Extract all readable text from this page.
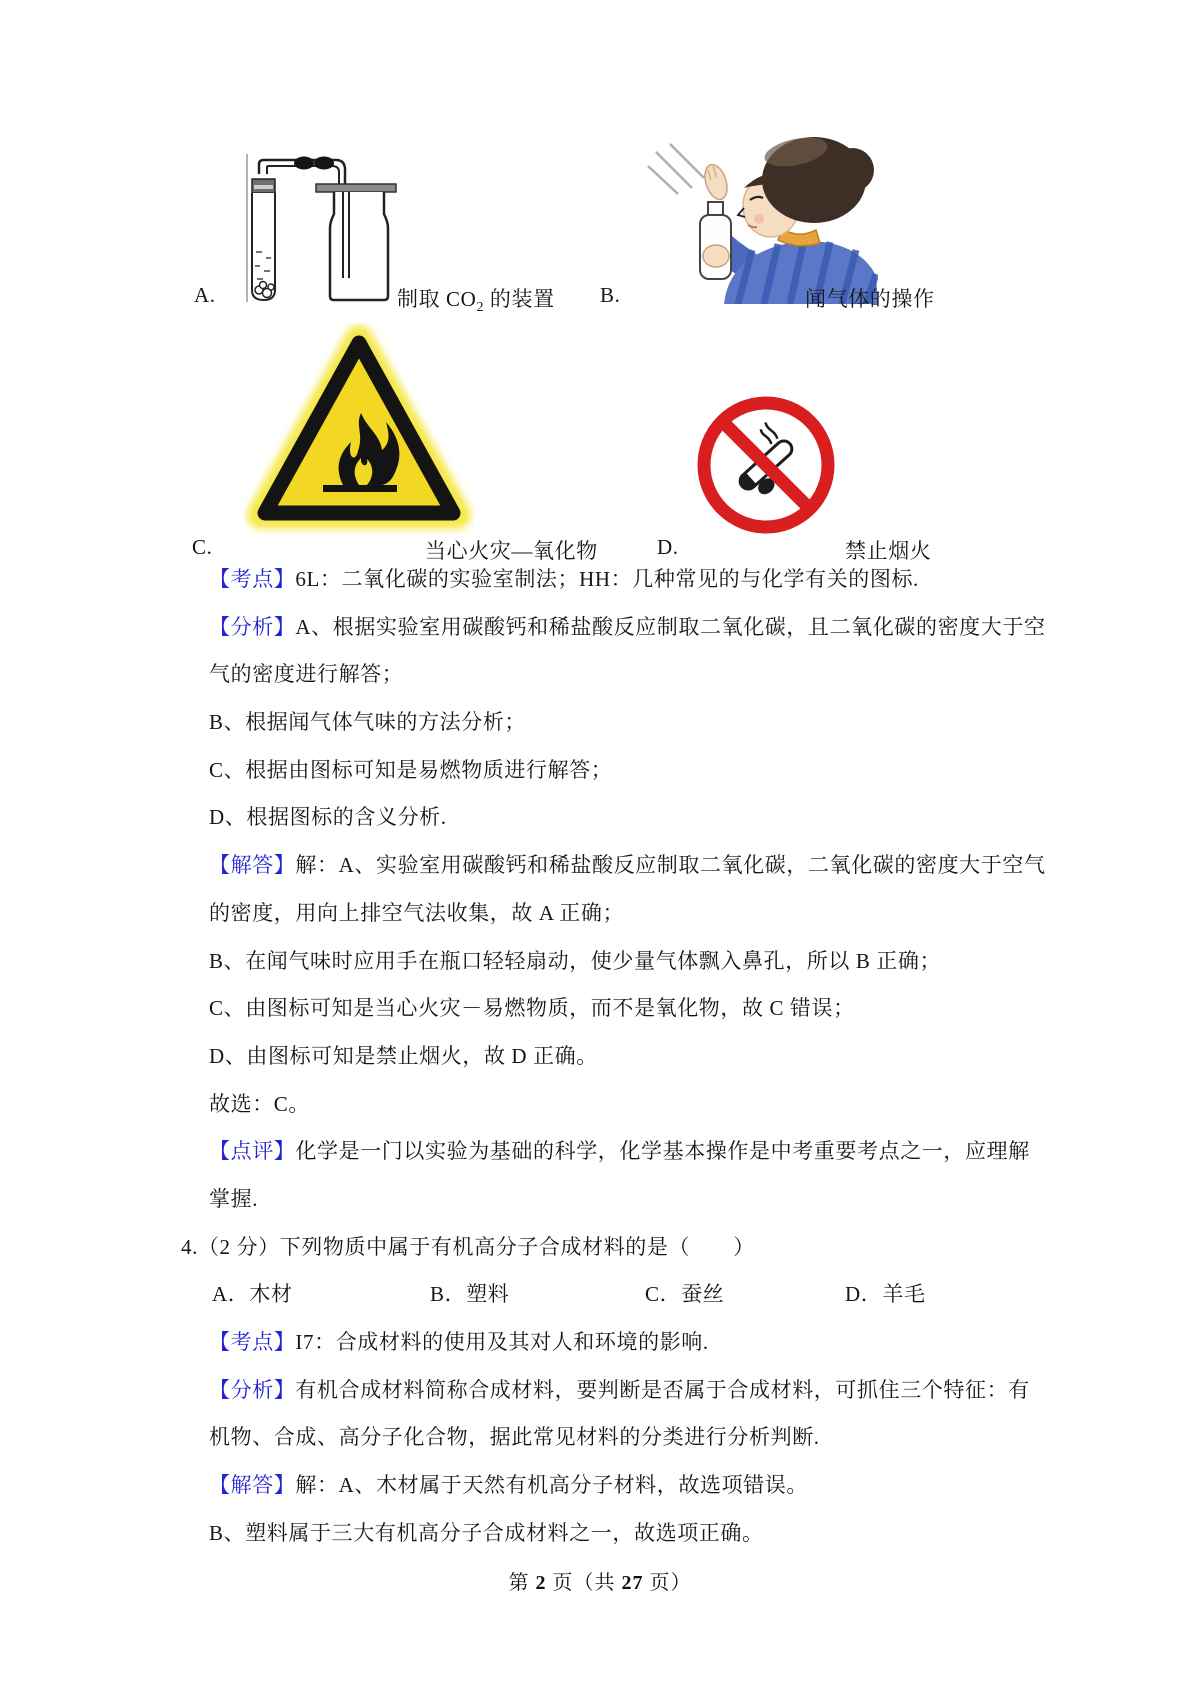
A.	制取 $CO_2$ 的装置 B.	闻气体的操作
C.	当心火灾—氧化物	D.	禁止烟火
【考点】6L：二氧化碳的实验室制法；HH：几种常见的与化学有关的图标.
【分析】A、根据实验室用碳酸钙和稀盐酸反应制取二氧化碳，且二氧化碳的密度大于空
气的密度进行解答；
B、根据闻气体气味的方法分析；
C、根据由图标可知是易燃物质进行解答；
D、根据图标的含义分析.
【解答】解：A、实验室用碳酸钙和稀盐酸反应制取二氧化碳，二氧化碳的密度大于空气
的密度，用向上排空气法收集，故 A 正确；
B、在闻气味时应用手在瓶口轻轻扇动，使少量气体飘入鼻孔，所以 B 正确；
C、由图标可知是当心火灾－易燃物质，而不是氧化物，故 C 错误；
D、由图标可知是禁止烟火，故 D 正确。
故选：C。
【点评】化学是一门以实验为基础的科学，化学基本操作是中考重要考点之一，应理解
掌握.
4.（2 分）下列物质中属于有机高分子合成材料的是（　　）
A．木材	B．塑料	C．蚕丝	D．羊毛
【考点】I7：合成材料的使用及其对人和环境的影响.
【分析】有机合成材料简称合成材料，要判断是否属于合成材料，可抓住三个特征：有
机物、合成、高分子化合物，据此常见材料的分类进行分析判断.
【解答】解：A、木材属于天然有机高分子材料，故选项错误。
B、塑料属于三大有机高分子合成材料之一，故选项正确。
第 2 页（共 27 页）
